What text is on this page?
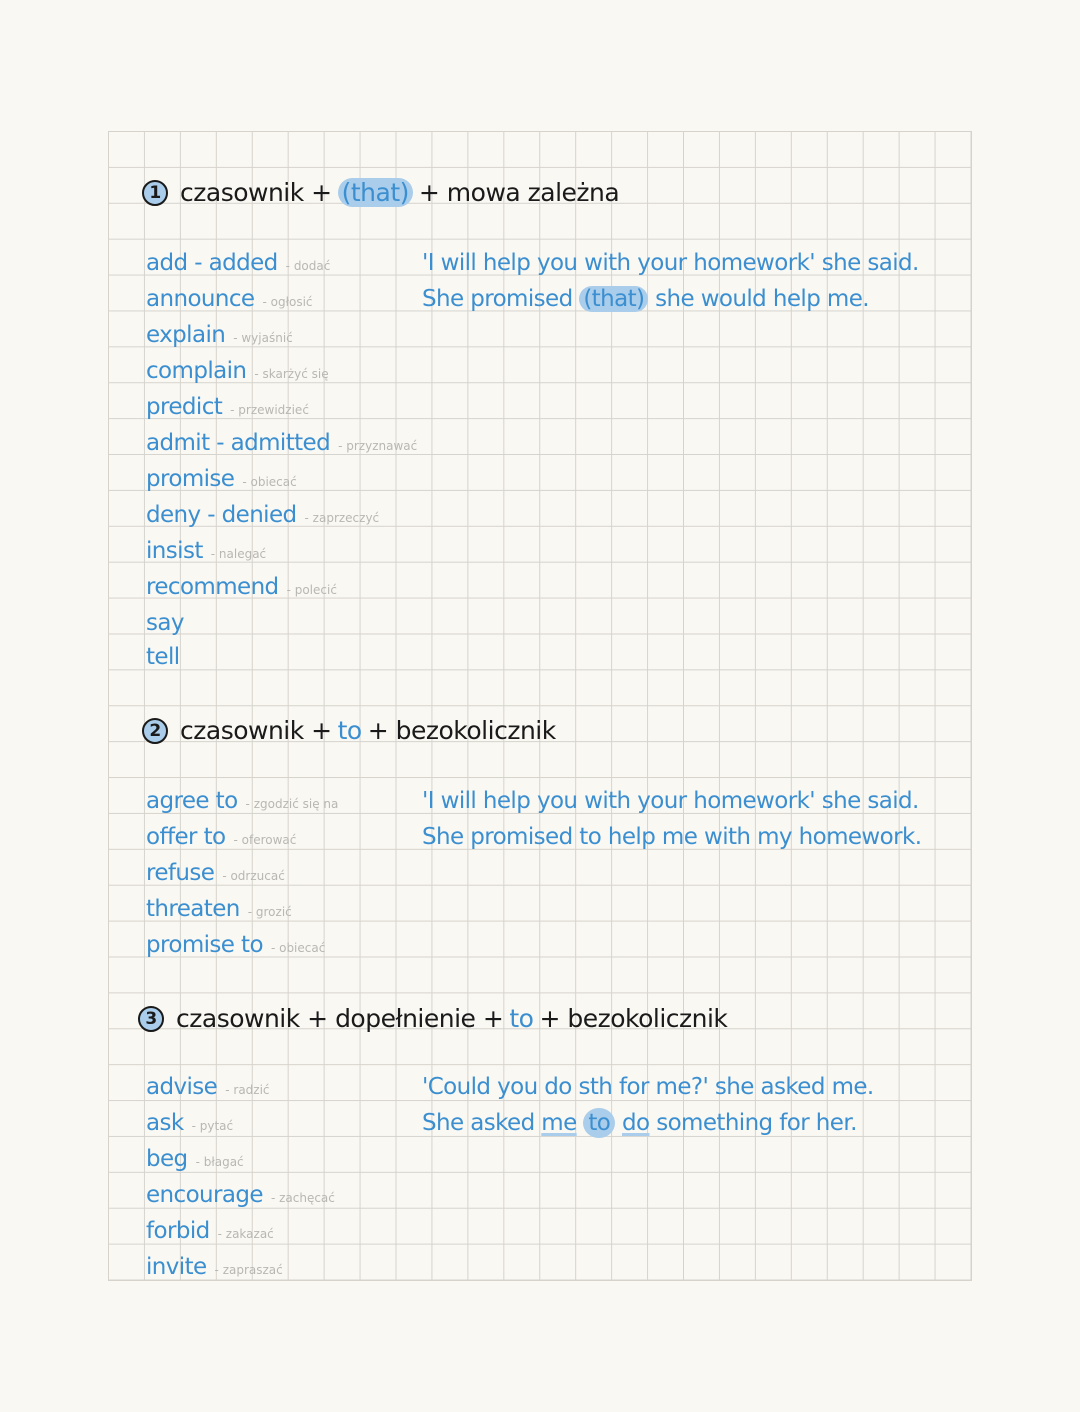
1 czasownik + (that) + mowa zależna
add - added - dodać
announce - ogłosić
explain - wyjaśnić
complain - skarżyć się
predict - przewidzieć
admit - admitted - przyznawać
promise - obiecać
deny - denied - zaprzeczyć
insist - nalegać
recommend - polecić
say
tell
'I will help you with your homework' she said.
She promised (that) she would help me.
2 czasownik + to + bezokolicznik
agree to - zgodzić się na
offer to - oferować
refuse - odrzucać
threaten - grozić
promise to - obiecać
'I will help you with your homework' she said.
She promised to help me with my homework.
3 czasownik + dopełnienie + to + bezokolicznik
advise - radzić
ask - pytać
beg - błagać
encourage - zachęcać
forbid - zakazać
invite - zapraszać
'Could you do sth for me?' she asked me.
She asked me to do something for her.
